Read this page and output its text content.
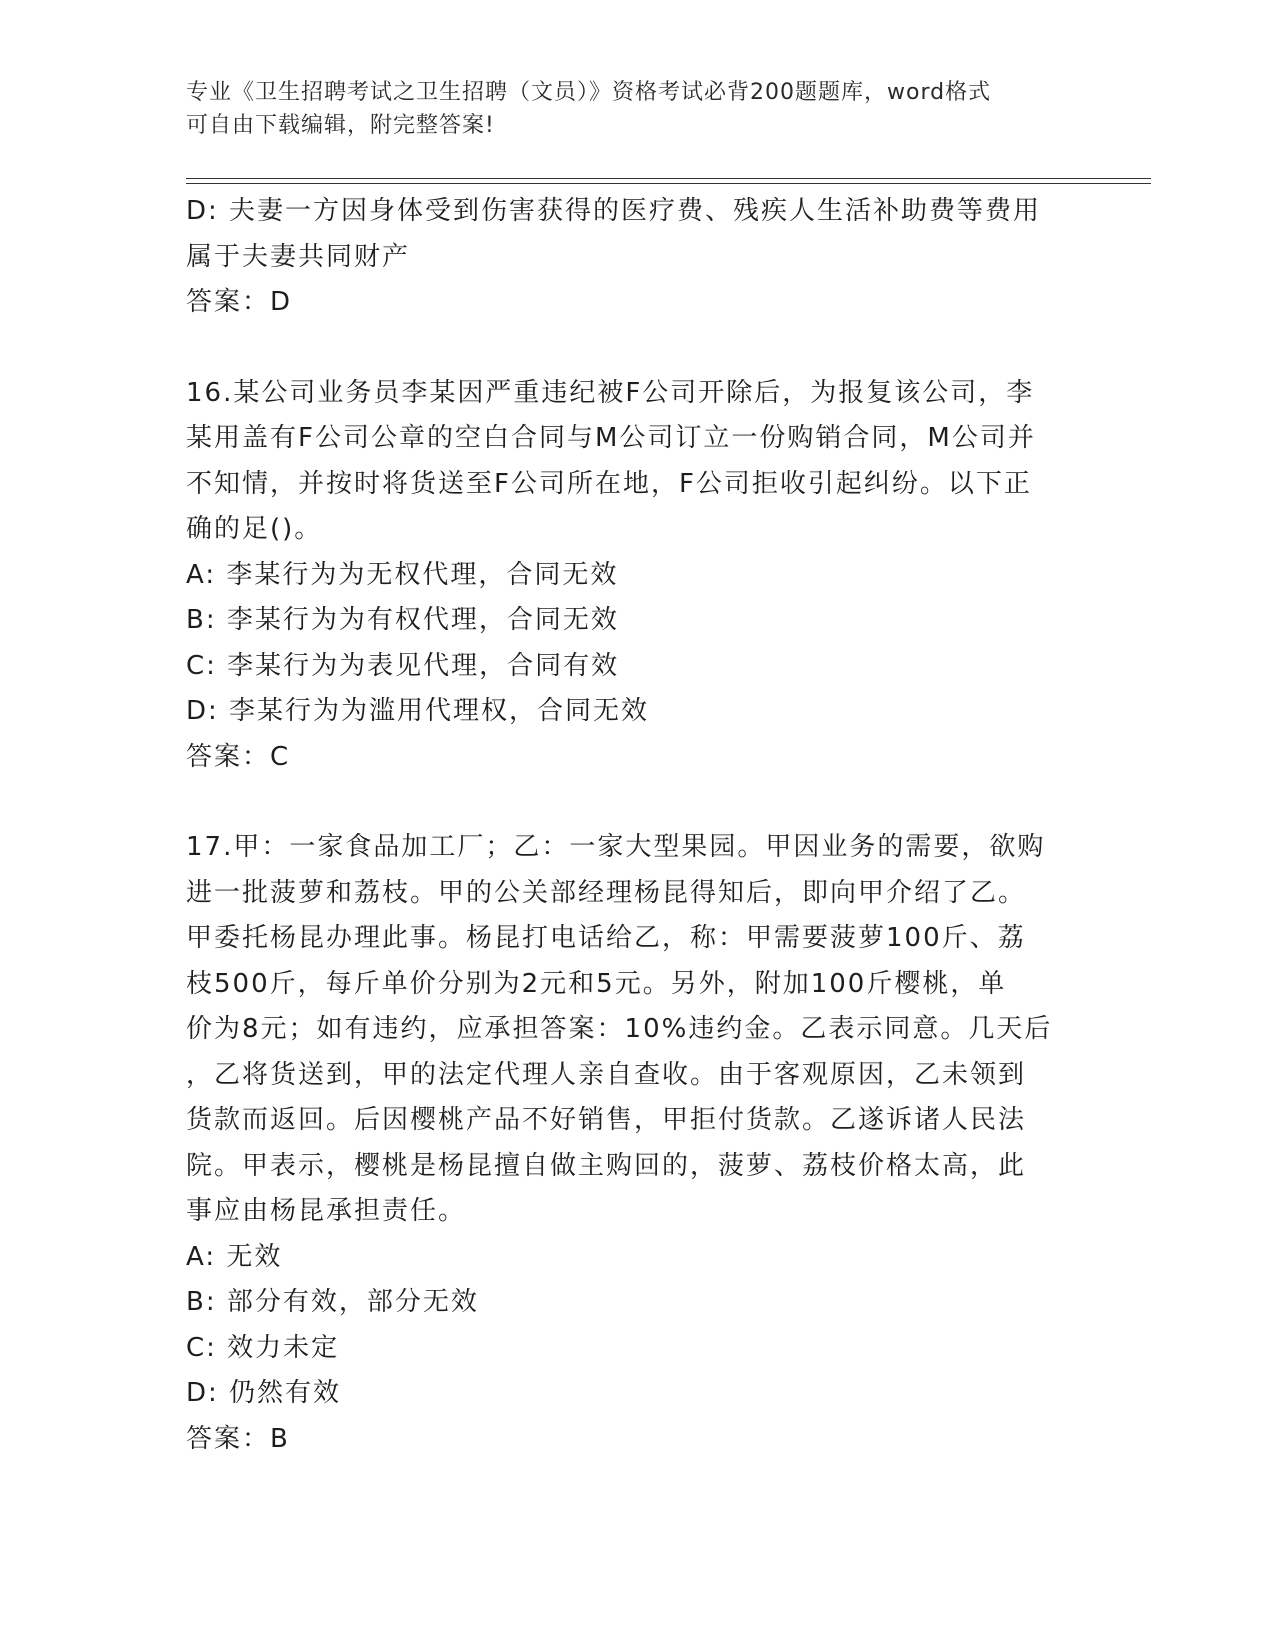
专业《卫生招聘考试之卫生招聘（文员）》资格考试必背200题题库，word格式
可自由下载编辑，附完整答案!
D: 夫妻一方因身体受到伤害获得的医疗费、残疾人生活补助费等费用
属于夫妻共同财产
答案：D
16.某公司业务员李某因严重违纪被F公司开除后，为报复该公司，李
某用盖有F公司公章的空白合同与M公司订立一份购销合同，M公司并
不知情，并按时将货送至F公司所在地，F公司拒收引起纠纷。以下正
确的足()。
A: 李某行为为无权代理，合同无效
B: 李某行为为有权代理，合同无效
C: 李某行为为表见代理，合同有效
D: 李某行为为滥用代理权，合同无效
答案：C
17.甲：一家食品加工厂；乙：一家大型果园。甲因业务的需要，欲购
进一批菠萝和荔枝。甲的公关部经理杨昆得知后，即向甲介绍了乙。
甲委托杨昆办理此事。杨昆打电话给乙，称：甲需要菠萝100斤、荔
枝500斤，每斤单价分别为2元和5元。另外，附加100斤樱桃，单
价为8元；如有违约，应承担答案：10%违约金。乙表示同意。几天后
，乙将货送到，甲的法定代理人亲自查收。由于客观原因，乙未领到
货款而返回。后因樱桃产品不好销售，甲拒付货款。乙遂诉诸人民法
院。甲表示，樱桃是杨昆擅自做主购回的，菠萝、荔枝价格太高，此
事应由杨昆承担责任。
A: 无效
B: 部分有效，部分无效
C: 效力未定
D: 仍然有效
答案：B
